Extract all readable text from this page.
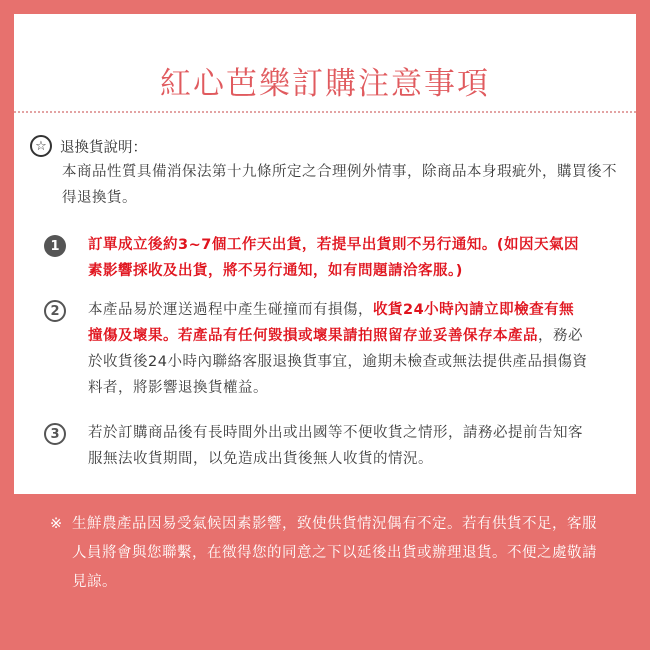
紅心芭樂訂購注意事項
☆ 退換貨說明：
本商品性質具備消保法第十九條所定之合理例外情事，除商品本身瑕疵外，購買後不得退換貨。
1	訂單成立後約3~7個工作天出貨，若提早出貨則不另行通知。(如因天氣因素影響採收及出貨，將不另行通知，如有問題請洽客服。)
2	本產品易於運送過程中產生碰撞而有損傷，收貨24小時內請立即檢查有無撞傷及壞果。若產品有任何毀損或壞果請拍照留存並妥善保存本產品，務必於收貨後24小時內聯絡客服退換貨事宜，逾期未檢查或無法提供產品損傷資料者，將影響退換貨權益。
3	若於訂購商品後有長時間外出或出國等不便收貨之情形，請務必提前告知客服無法收貨期間，以免造成出貨後無人收貨的情況。
※ 生鮮農產品因易受氣候因素影響，致使供貨情況偶有不定。若有供貨不足，客服人員將會與您聯繫，在徵得您的同意之下以延後出貨或辦理退貨。不便之處敬請見諒。
